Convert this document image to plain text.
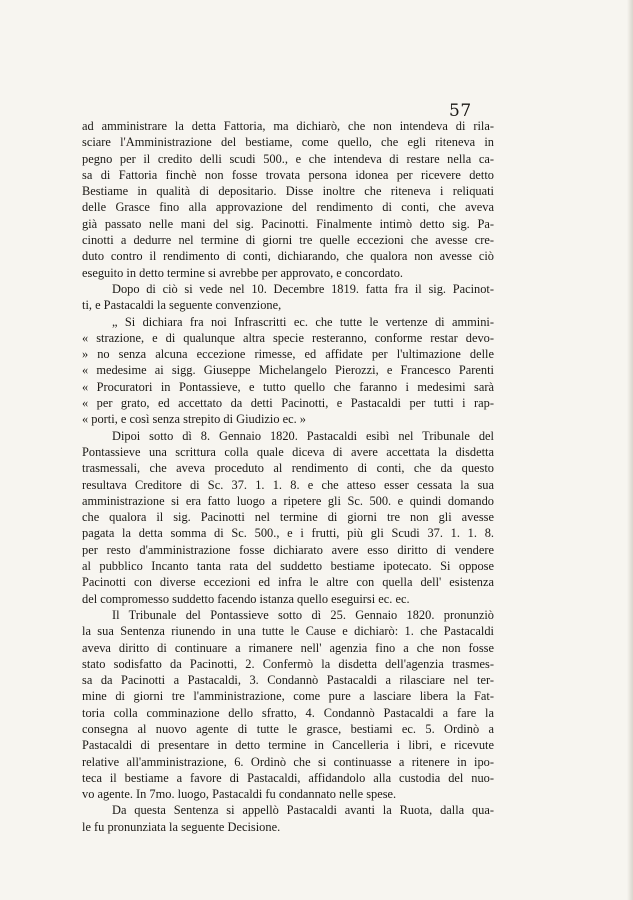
57
ad amministrare la detta Fattoria, ma dichiarò, che non intendeva di rila-
sciare l'Amministrazione del bestiame, come quello, che egli riteneva in
pegno per il credito delli scudi 500., e che intendeva di restare nella ca-
sa di Fattoria finchè non fosse trovata persona idonea per ricevere detto
Bestiame in qualità di depositario. Disse inoltre che riteneva i reliquati
delle Grasce fino alla approvazione del rendimento di conti, che aveva
già passato nelle mani del sig. Pacinotti. Finalmente intimò detto sig. Pa-
cinotti a dedurre nel termine di giorni tre quelle eccezioni che avesse cre-
duto contro il rendimento di conti, dichiarando, che qualora non avesse ciò
eseguito in detto termine si avrebbe per approvato, e concordato.
Dopo di ciò si vede nel 10. Decembre 1819. fatta fra il sig. Pacinot-
ti, e Pastacaldi la seguente convenzione,
„ Si dichiara fra noi Infrascritti ec. che tutte le vertenze di ammini-
« strazione, e di qualunque altra specie resteranno, conforme restar devo-
» no senza alcuna eccezione rimesse, ed affidate per l'ultimazione delle
« medesime ai sigg. Giuseppe Michelangelo Pierozzi, e Francesco Parenti
« Procuratori in Pontassieve, e tutto quello che faranno i medesimi sarà
« per grato, ed accettato da detti Pacinotti, e Pastacaldi per tutti i rap-
« porti, e così senza strepito di Giudizio ec. »
Dipoi sotto dì 8. Gennaio 1820. Pastacaldi esibì nel Tribunale del
Pontassieve una scrittura colla quale diceva di avere accettata la disdetta
trasmessali, che aveva proceduto al rendimento di conti, che da questo
resultava Creditore di Sc. 37. 1. 1. 8. e che atteso esser cessata la sua
amministrazione si era fatto luogo a ripetere gli Sc. 500. e quindi domando
che qualora il sig. Pacinotti nel termine di giorni tre non gli avesse
pagata la detta somma di Sc. 500., e i frutti, più gli Scudi 37. 1. 1. 8.
per resto d'amministrazione fosse dichiarato avere esso diritto di vendere
al pubblico Incanto tanta rata del suddetto bestiame ipotecato. Si oppose
Pacinotti con diverse eccezioni ed infra le altre con quella dell' esistenza
del compromesso suddetto facendo istanza quello eseguirsi ec. ec.
Il Tribunale del Pontassieve sotto dì 25. Gennaio 1820. pronunziò
la sua Sentenza riunendo in una tutte le Cause e dichiarò: 1. che Pastacaldi
aveva diritto di continuare a rimanere nell' agenzia fino a che non fosse
stato sodisfatto da Pacinotti, 2. Confermò la disdetta dell'agenzia trasmes-
sa da Pacinotti a Pastacaldi, 3. Condannò Pastacaldi a rilasciare nel ter-
mine di giorni tre l'amministrazione, come pure a lasciare libera la Fat-
toria colla comminazione dello sfratto, 4. Condannò Pastacaldi a fare la
consegna al nuovo agente di tutte le grasce, bestiami ec. 5. Ordinò a
Pastacaldi di presentare in detto termine in Cancelleria i libri, e ricevute
relative all'amministrazione, 6. Ordinò che si continuasse a ritenere in ipo-
teca il bestiame a favore di Pastacaldi, affidandolo alla custodia del nuo-
vo agente. In 7mo. luogo, Pastacaldi fu condannato nelle spese.
Da questa Sentenza si appellò Pastacaldi avanti la Ruota, dalla qua-
le fu pronunziata la seguente Decisione.
